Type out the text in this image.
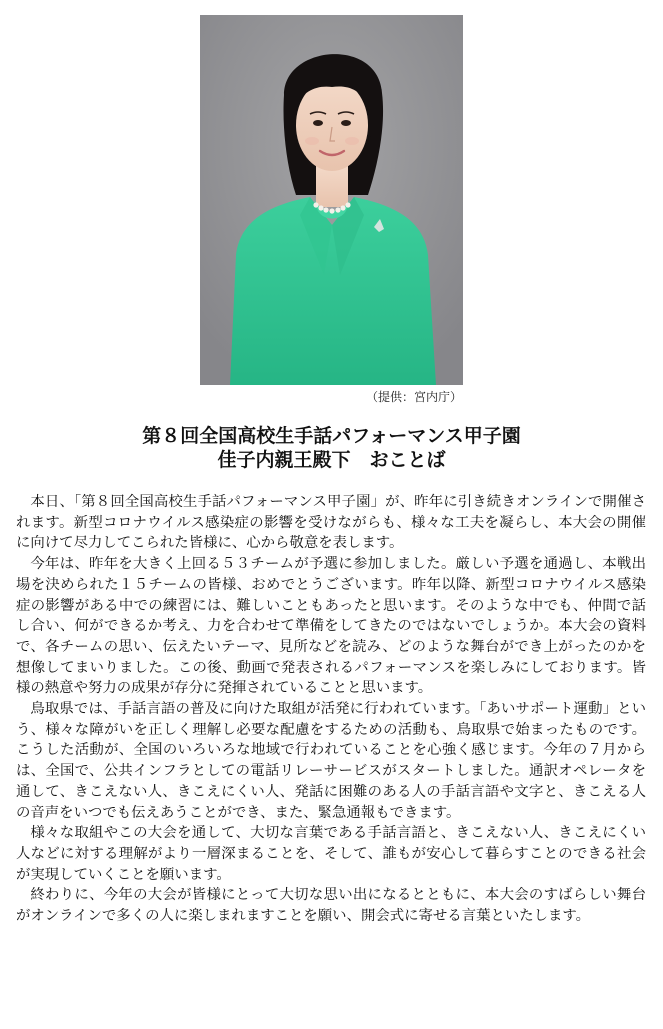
（提供：宮内庁）
第８回全国高校生手話パフォーマンス甲子園
佳子内親王殿下　おことば

本日、「第８回全国高校生手話パフォーマンス甲子園」が、昨年に引き続きオンラインで開催されます。新型コロナウイルス感染症の影響を受けながらも、様々な工夫を凝らし、本大会の開催に向けて尽力してこられた皆様に、心から敬意を表します。

今年は、昨年を大きく上回る５３チームが予選に参加しました。厳しい予選を通過し、本戦出場を決められた１５チームの皆様、おめでとうございます。昨年以降、新型コロナウイルス感染症の影響がある中での練習には、難しいこともあったと思います。そのような中でも、仲間で話し合い、何ができるか考え、力を合わせて準備をしてきたのではないでしょうか。本大会の資料で、各チームの思い、伝えたいテーマ、見所などを読み、どのような舞台ができ上がったのかを想像してまいりました。この後、動画で発表されるパフォーマンスを楽しみにしております。皆様の熱意や努力の成果が存分に発揮されていることと思います。

鳥取県では、手話言語の普及に向けた取組が活発に行われています。「あいサポート運動」という、様々な障がいを正しく理解し必要な配慮をするための活動も、鳥取県で始まったものです。こうした活動が、全国のいろいろな地域で行われていることを心強く感じます。今年の７月からは、全国で、公共インフラとしての電話リレーサービスがスタートしました。通訳オペレータを通して、きこえない人、きこえにくい人、発話に困難のある人の手話言語や文字と、きこえる人の音声をいつでも伝えあうことができ、また、緊急通報もできます。

様々な取組やこの大会を通して、大切な言葉である手話言語と、きこえない人、きこえにくい人などに対する理解がより一層深まることを、そして、誰もが安心して暮らすことのできる社会が実現していくことを願います。

終わりに、今年の大会が皆様にとって大切な思い出になるとともに、本大会のすばらしい舞台がオンラインで多くの人に楽しまれますことを願い、開会式に寄せる言葉といたします。
